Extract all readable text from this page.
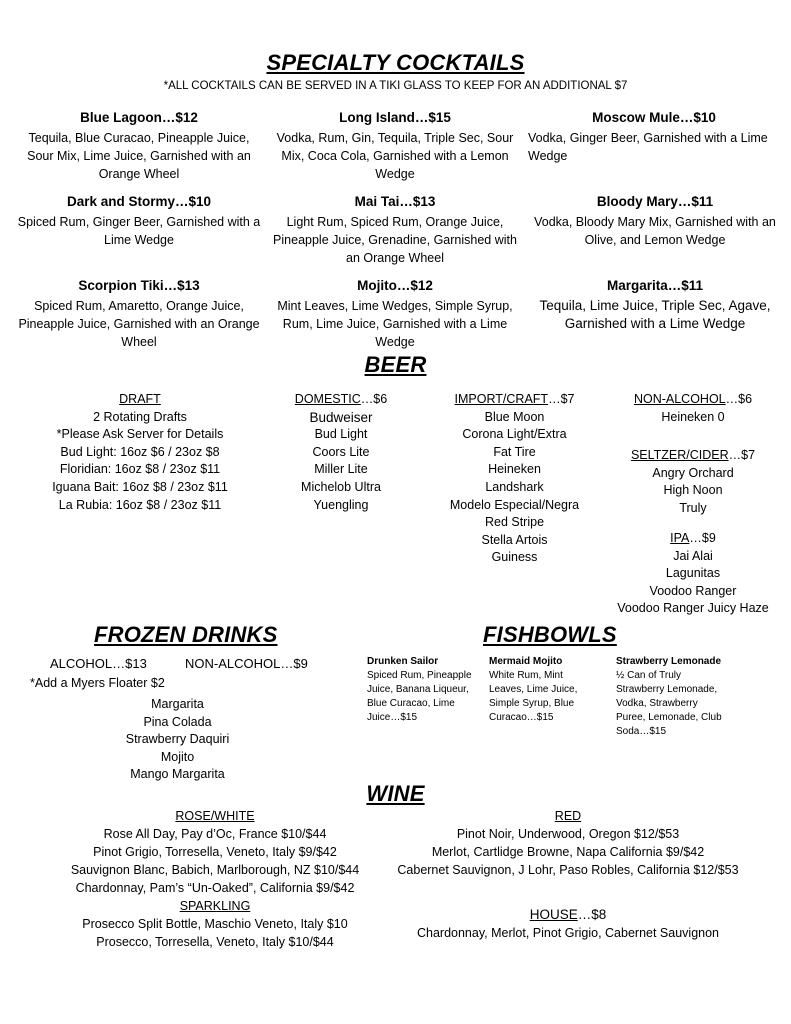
SPECIALTY COCKTAILS
*ALL COCKTAILS CAN BE SERVED IN A TIKI GLASS TO KEEP FOR AN ADDITIONAL $7
Blue Lagoon…$12
Tequila, Blue Curacao, Pineapple Juice, Sour Mix, Lime Juice, Garnished with an Orange Wheel
Long Island…$15
Vodka, Rum, Gin, Tequila, Triple Sec, Sour Mix, Coca Cola, Garnished with a Lemon Wedge
Moscow Mule…$10
Vodka, Ginger Beer, Garnished with a Lime Wedge
Dark and Stormy…$10
Spiced Rum, Ginger Beer, Garnished with a Lime Wedge
Mai Tai…$13
Light Rum, Spiced Rum, Orange Juice, Pineapple Juice, Grenadine, Garnished with an Orange Wheel
Bloody Mary…$11
Vodka, Bloody Mary Mix, Garnished with an Olive, and Lemon Wedge
Scorpion Tiki…$13
Spiced Rum, Amaretto, Orange Juice, Pineapple Juice, Garnished with an Orange Wheel
Mojito…$12
Mint Leaves, Lime Wedges, Simple Syrup, Rum, Lime Juice, Garnished with a Lime Wedge
Margarita…$11
Tequila, Lime Juice, Triple Sec, Agave, Garnished with a Lime Wedge
BEER
DRAFT
2 Rotating Drafts
*Please Ask Server for Details
Bud Light: 16oz $6 / 23oz $8
Floridian: 16oz $8 / 23oz $11
Iguana Bait: 16oz $8 / 23oz $11
La Rubia: 16oz $8 / 23oz $11
DOMESTIC…$6
Budweiser
Bud Light
Coors Lite
Miller Lite
Michelob Ultra
Yuengling
IMPORT/CRAFT…$7
Blue Moon
Corona Light/Extra
Fat Tire
Heineken
Landshark
Modelo Especial/Negra
Red Stripe
Stella Artois
Guiness
NON-ALCOHOL…$6
Heineken 0
SELTZER/CIDER…$7
Angry Orchard
High Noon
Truly
IPA…$9
Jai Alai
Lagunitas
Voodoo Ranger
Voodoo Ranger Juicy Haze
FROZEN DRINKS
ALCOHOL…$13	NON-ALCOHOL…$9
*Add a Myers Floater $2
Margarita
Pina Colada
Strawberry Daquiri
Mojito
Mango Margarita
FISHBOWLS
Drunken Sailor
Spiced Rum, Pineapple
Juice, Banana Liqueur,
Blue Curacao, Lime
Juice…$15
Mermaid Mojito
White Rum, Mint
Leaves, Lime Juice,
Simple Syrup, Blue
Curacao…$15
Strawberry Lemonade
½ Can of Truly
Strawberry Lemonade,
Vodka, Strawberry
Puree, Lemonade, Club
Soda…$15
WINE
ROSE/WHITE
Rose All Day, Pay d’Oc, France $10/$44
Pinot Grigio, Torresella, Veneto, Italy $9/$42
Sauvignon Blanc, Babich, Marlborough, NZ $10/$44
Chardonnay, Pam’s “Un-Oaked”, California $9/$42
SPARKLING
Prosecco Split Bottle, Maschio Veneto, Italy $10
Prosecco, Torresella, Veneto, Italy $10/$44
RED
Pinot Noir, Underwood, Oregon $12/$53
Merlot, Cartlidge Browne, Napa California $9/$42
Cabernet Sauvignon, J Lohr, Paso Robles, California $12/$53
HOUSE…$8
Chardonnay, Merlot, Pinot Grigio, Cabernet Sauvignon
